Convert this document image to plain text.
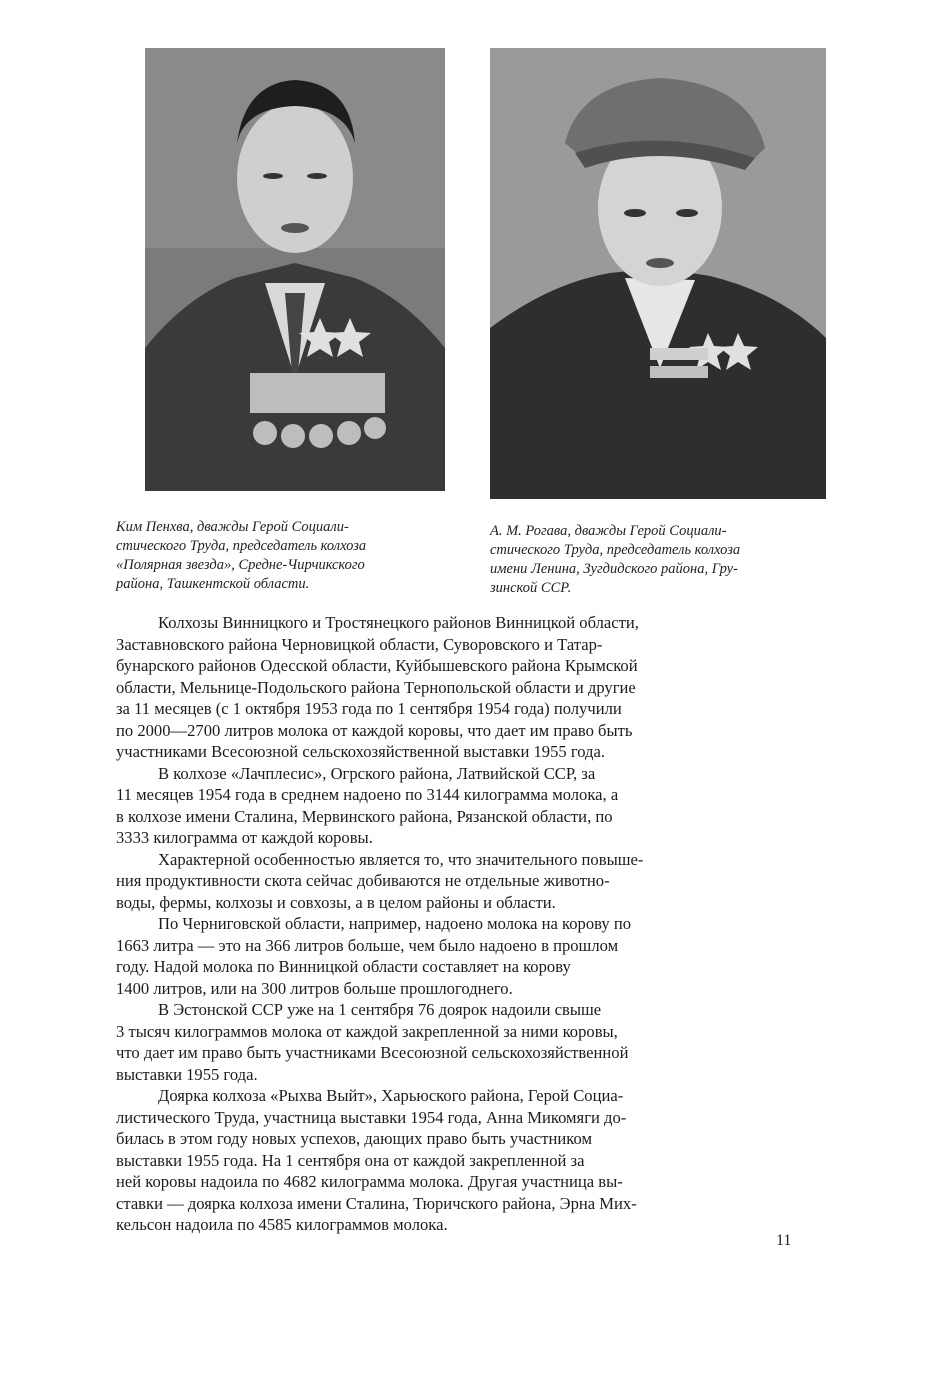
Ким Пенхва, дважды Герой Социали-
стического Труда, председатель колхоза
«Полярная звезда», Средне-Чирчикского
района, Ташкентской области.
А. М. Рогава, дважды Герой Социали-
стического Труда, председатель колхоза
имени Ленина, Зугдидского района, Гру-
зинской ССР.
Колхозы Винницкого и Тростянецкого районов Винницкой области,
Заставновского района Черновицкой области, Суворовского и Татар-
бунарского районов Одесской области, Куйбышевского района Крымской
области, Мельнице-Подольского района Тернопольской области и другие
за 11 месяцев (с 1 октября 1953 года по 1 сентября 1954 года) получили
по 2000—2700 литров молока от каждой коровы, что дает им право быть
участниками Всесоюзной сельскохозяйственной выставки 1955 года.
В колхозе «Лачплесис», Огрского района, Латвийской ССР, за
11 месяцев 1954 года в среднем надоено по 3144 килограмма молока, а
в колхозе имени Сталина, Мервинского района, Рязанской области, по
3333 килограмма от каждой коровы.
Характерной особенностью является то, что значительного повыше-
ния продуктивности скота сейчас добиваются не отдельные животно-
воды, фермы, колхозы и совхозы, а в целом районы и области.
По Черниговской области, например, надоено молока на корову по
1663 литра — это на 366 литров больше, чем было надоено в прошлом
году. Надой молока по Винницкой области составляет на корову
1400 литров, или на 300 литров больше прошлогоднего.
В Эстонской ССР уже на 1 сентября 76 доярок надоили свыше
3 тысяч килограммов молока от каждой закрепленной за ними коровы,
что дает им право быть участниками Всесоюзной сельскохозяйственной
выставки 1955 года.
Доярка колхоза «Рыхва Выйт», Харьюского района, Герой Социа-
листического Труда, участница выставки 1954 года, Анна Микомяги до-
билась в этом году новых успехов, дающих право быть участником
выставки 1955 года. На 1 сентября она от каждой закрепленной за
ней коровы надоила по 4682 килограмма молока. Другая участница вы-
ставки — доярка колхоза имени Сталина, Тюричского района, Эрна Мих-
кельсон надоила по 4585 килограммов молока.
11
